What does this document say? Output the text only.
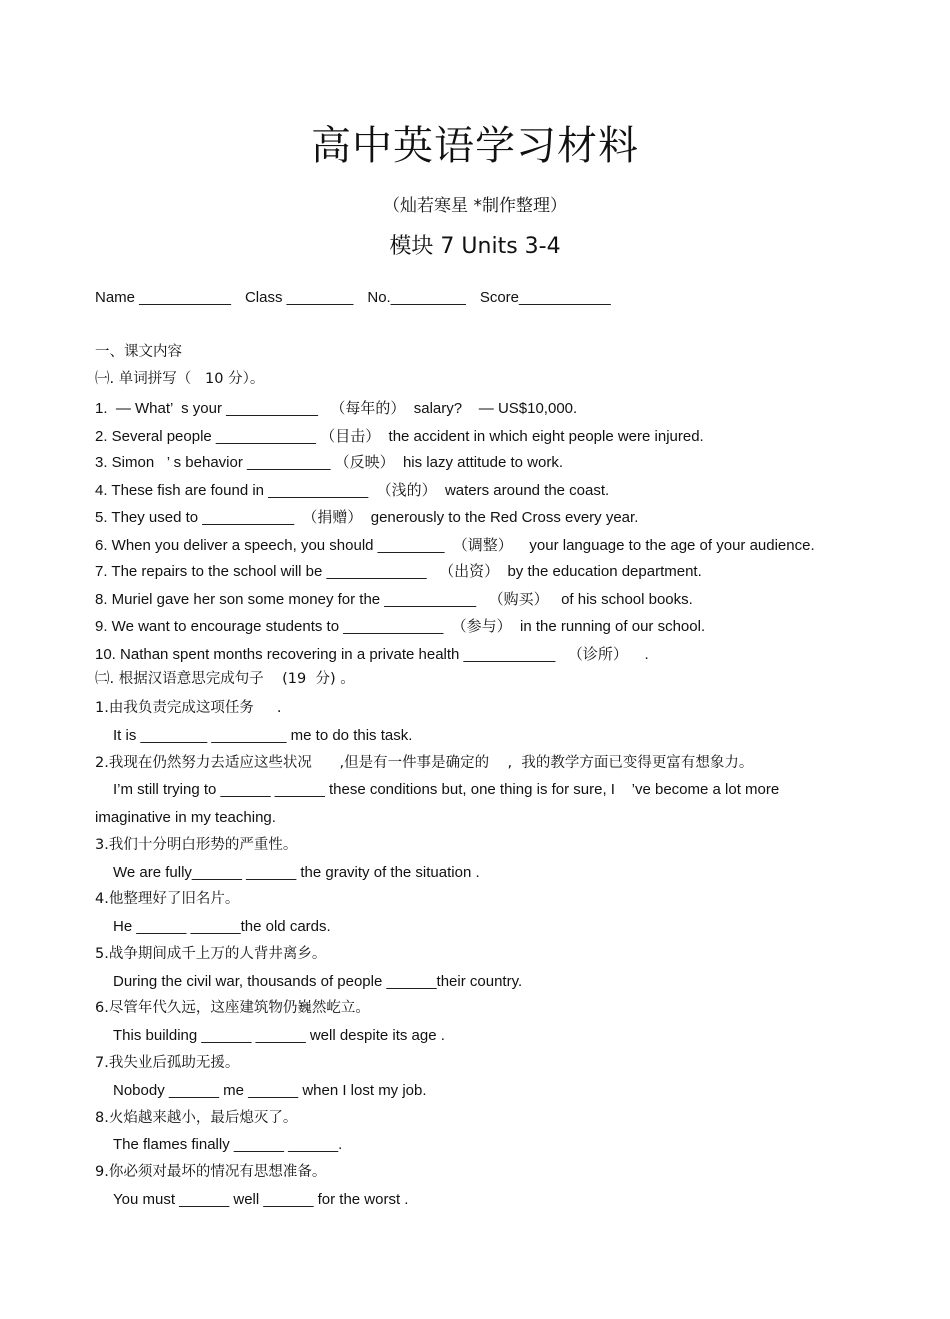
高中英语学习材料
（灿若寒星 *制作整理）
模块 7 Units 3-4
Name ___________ Class ________ No._________ Score___________
一、课文内容
㈠. 单词拼写（   10 分）。
1.  — What’  s your ___________   （每年的）  salary?    — US$10,000.
2. Several people ____________ （目击）  the accident in which eight people were injured.
3. Simon   ’ s behavior __________ （反映）  his lazy attitude to work.
4. These fish are found in ____________  （浅的）  waters around the coast.
5. They used to ___________  （捐赠）  generously to the Red Cross every year.
6. When you deliver a speech, you should ________  （调整）    your language to the age of your audience.
7. The repairs to the school will be ____________   （出资）  by the education department.
8. Muriel gave her son some money for the ___________   （购买）   of his school books.
9. We want to encourage students to ____________  （参与）  in the running of our school.
10. Nathan spent months recovering in a private health ___________   （诊所）    .
㈡. 根据汉语意思完成句子    (19  分) 。
1.由我负责完成这项任务     .
It is ________ _________ me to do this task.
2.我现在仍然努力去适应这些状况      ,但是有一件事是确定的    ,  我的教学方面已变得更富有想象力。
I’m still trying to ______ ______ these conditions but, one thing is for sure, I    ’ve become a lot more
imaginative in my teaching.
3.我们十分明白形势的严重性。
We are fully______ ______ the gravity of the situation .
4.他整理好了旧名片。
He ______ ______the old cards.
5.战争期间成千上万的人背井离乡。
During the civil war, thousands of people ______their country.
6.尽管年代久远，这座建筑物仍巍然屹立。
This building ______ ______ well despite its age .
7.我失业后孤助无援。
Nobody ______ me ______ when I lost my job.
8.火焰越来越小，最后熄灭了。
The flames finally ______ ______.
9.你必须对最坏的情况有思想准备。
You must ______ well ______ for the worst .
